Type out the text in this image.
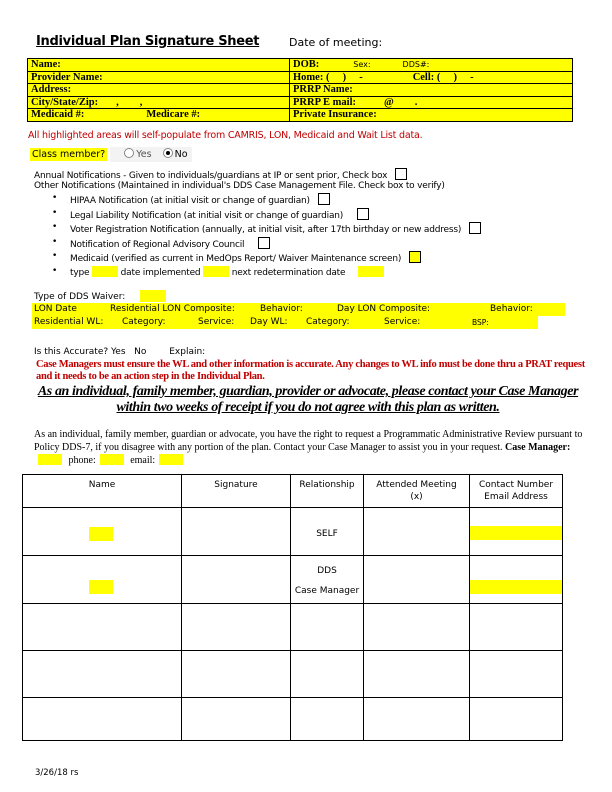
Individual Plan Signature Sheet	Date of meeting:
Name:	DOB: Sex: DDS#:
Provider Name:	Home: (     )     - Cell: (     )     -
Address:	PRRP Name:
City/State/Zip: ,        ,	PRRP E mail: @        .
Medicaid #: Medicare #:	Private Insurance:
All highlighted areas will self-populate from CAMRIS, LON, Medicaid and Wait List data.
Class member?	Yes No
Annual Notifications - Given to individuals/guardians at IP or sent prior, Check box
Other Notifications (Maintained in individual's DDS Case Management File. Check box to verify)
• HIPAA Notification (at initial visit or change of guardian)
• Legal Liability Notification (at initial visit or change of guardian)
• Voter Registration Notification (annually, at initial visit, after 17th birthday or new address)
• Notification of Regional Advisory Council
• Medicaid (verified as current in MedOps Report/ Waiver Maintenance screen)
• type	date implemented	next redetermination date
Type of DDS Waiver:
LON Date	Residential LON Composite:	Behavior:	Day LON Composite:	Behavior:
Residential WL: Category:	Service: Day WL: Category:	Service:	BSP:
Is this Accurate? Yes   No	Explain:
Case Managers must ensure the WL and other information is accurate. Any changes to WL info must be done thru a PRAT request and it needs to be an action step in the Individual Plan.
As an individual, family member, guardian, provider or advocate, please contact your Case Manager within two weeks of receipt if you do not agree with this plan as written.
As an individual, family member, guardian or advocate, you have the right to request a Programmatic Administrative Review pursuant to Policy DDS-7, if you disagree with any portion of the plan. Contact your Case Manager to assist you in your request. Case Manager: phone:	email:
Name	Signature	Relationship	Attended Meeting (x)	Contact Number Email Address

		SELF		

		DDS
Case Manager		

3/26/18 rs
